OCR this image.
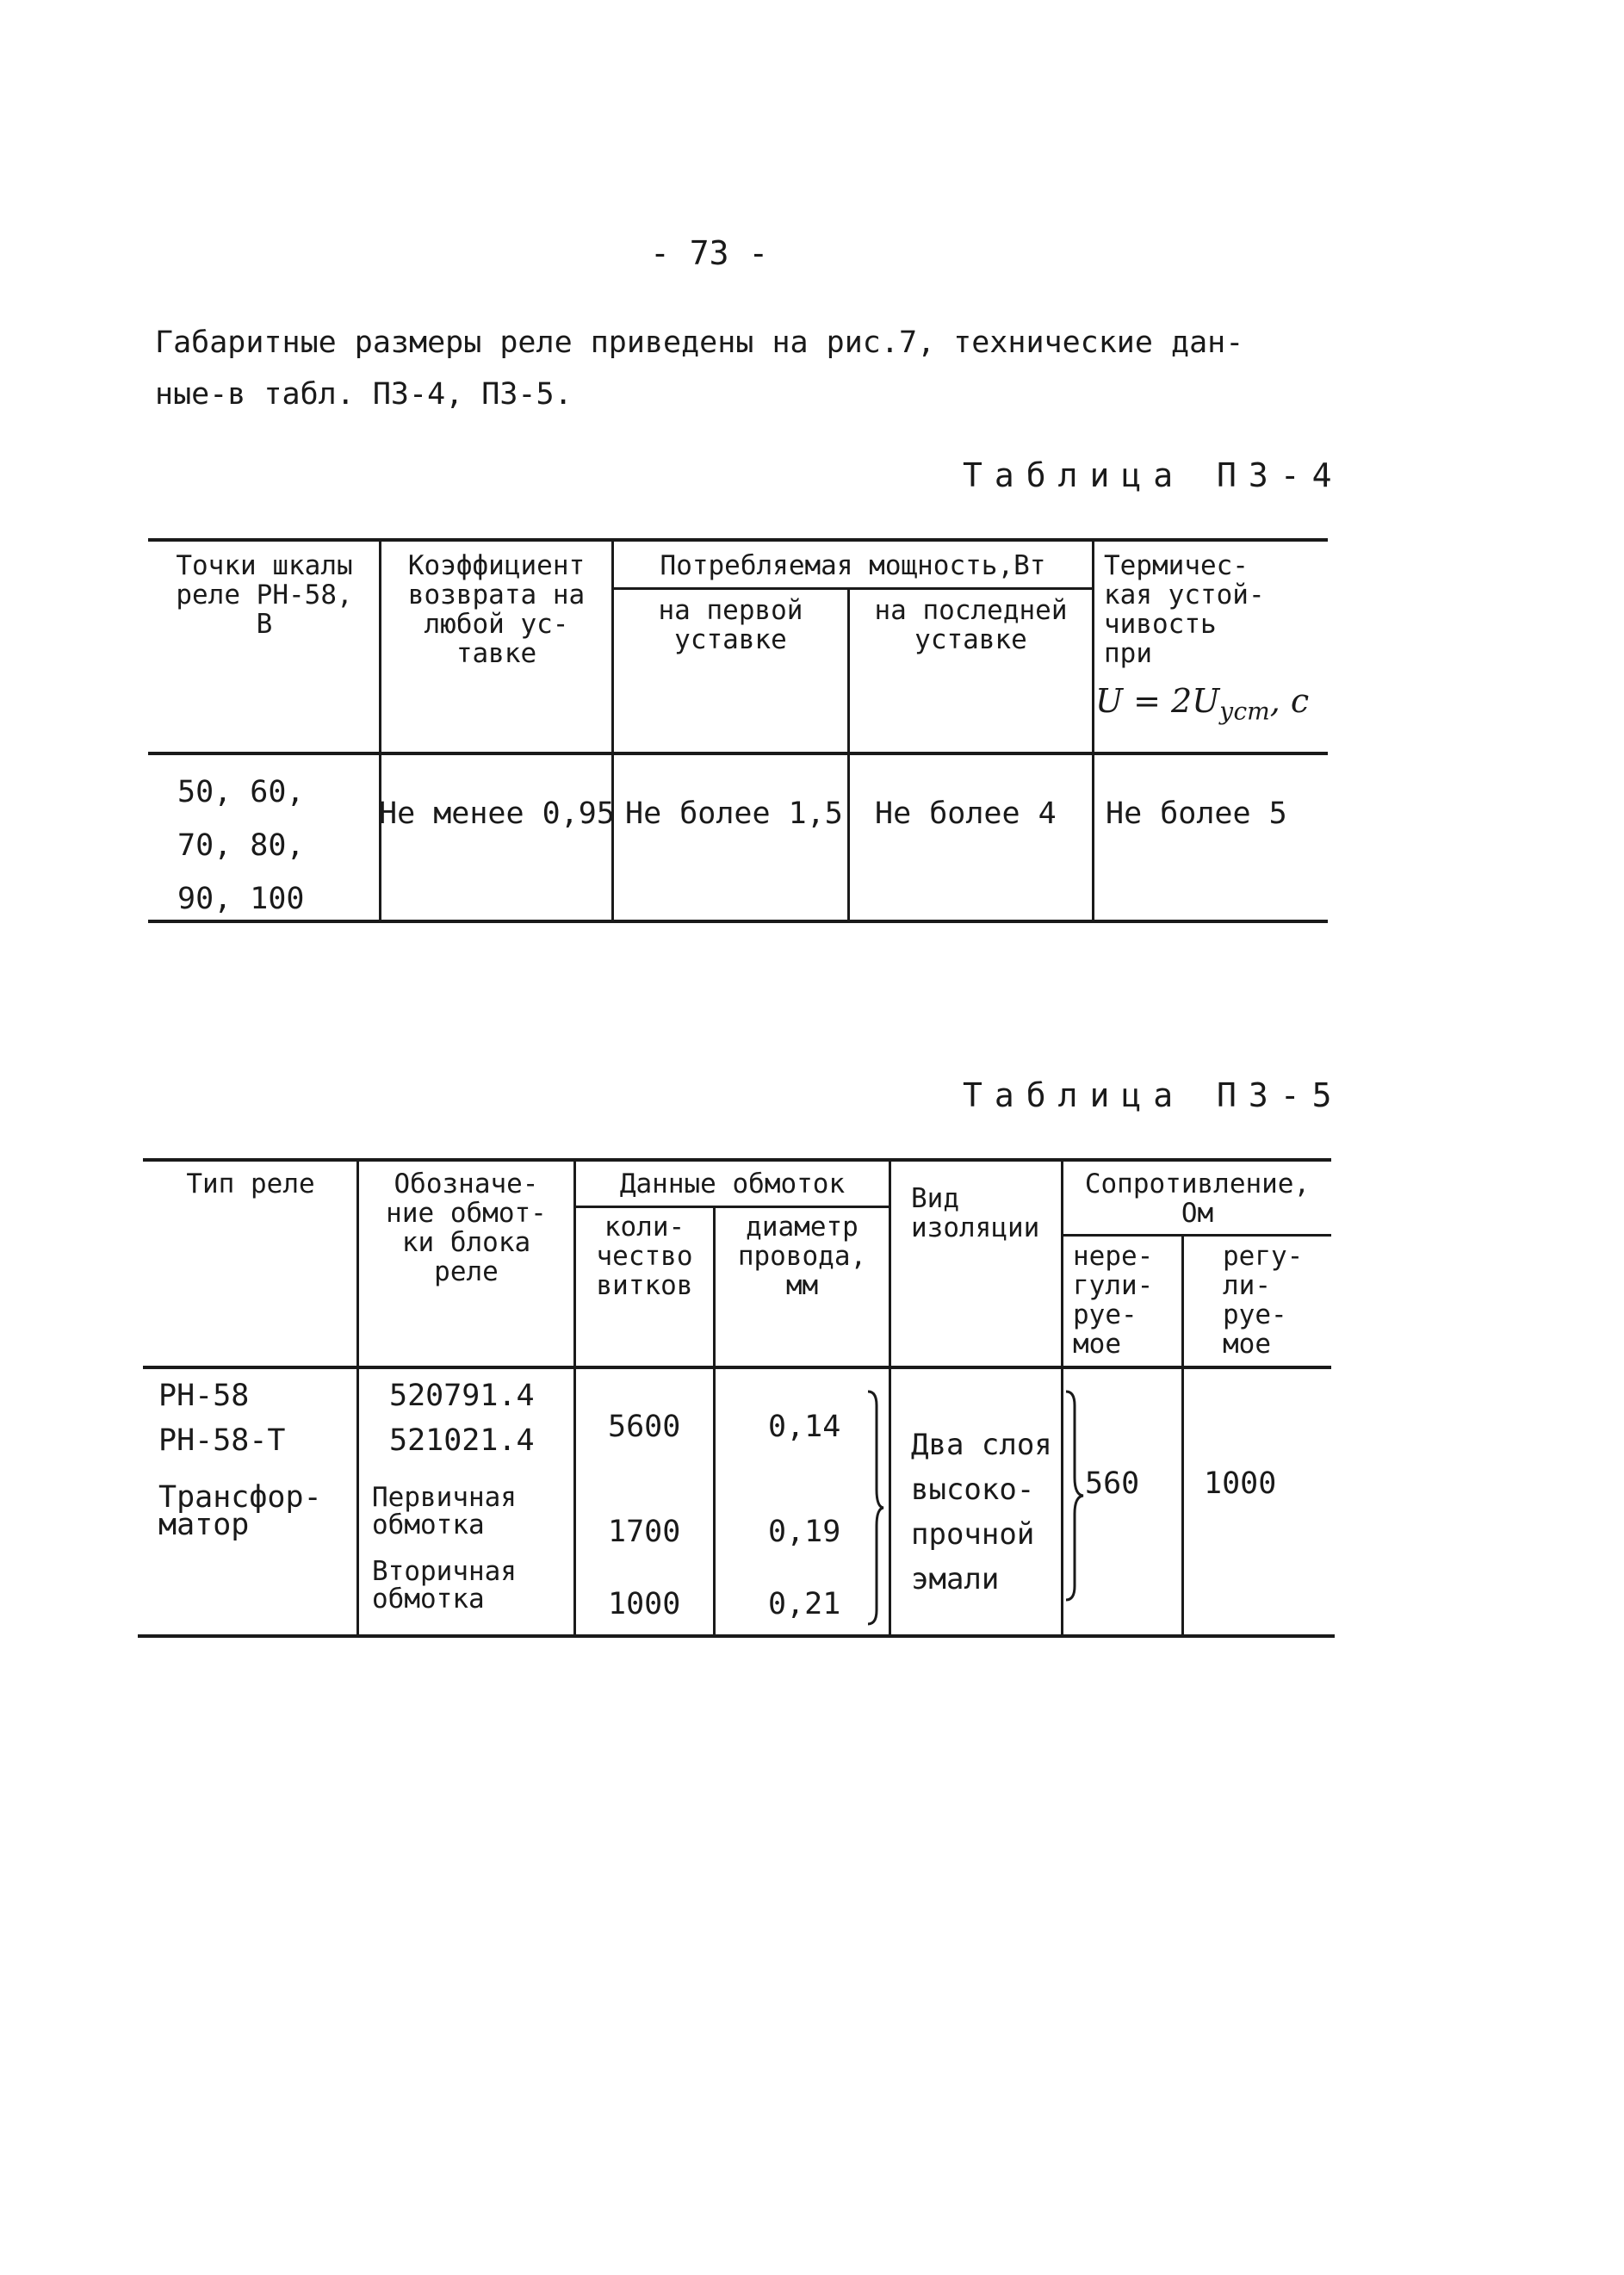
- 73 -
Габаритные размеры реле приведены на рис.7, технические дан-
ные-в табл. П3-4, П3-5.
Таблица П3-4
Точки шкалы
реле РН-58,
В
Коэффициент
возврата на
любой ус-
тавке
Потребляемая мощность,Вт
на первой
уставке
на последней
уставке
Термичес-
кая устой-
чивость
при
$U = 2U_{уст}$, c
50, 60,
70, 80,
90, 100
Не менее 0,95 Не более 1,5 Не более 4 Не более 5
Таблица П3-5
Тип реле	Обозначе-
ние обмот-
ки блока
реле
Данные обмоток
коли-
чество
витков
диаметр
провода,
мм
Вид
изоляции
Сопротивление,
Ом
нере-
гули-
руе-
мое
регу-
ли-
руе-
мое
РН-58
РН-58-Т
Трансфор-
матор
520791.4
521021.4
Первичная
обмотка
Вторичная
обмотка
5600
1700
1000
0,14
0,19
0,21
Два слоя
высоко-
прочной
эмали
560 1000
